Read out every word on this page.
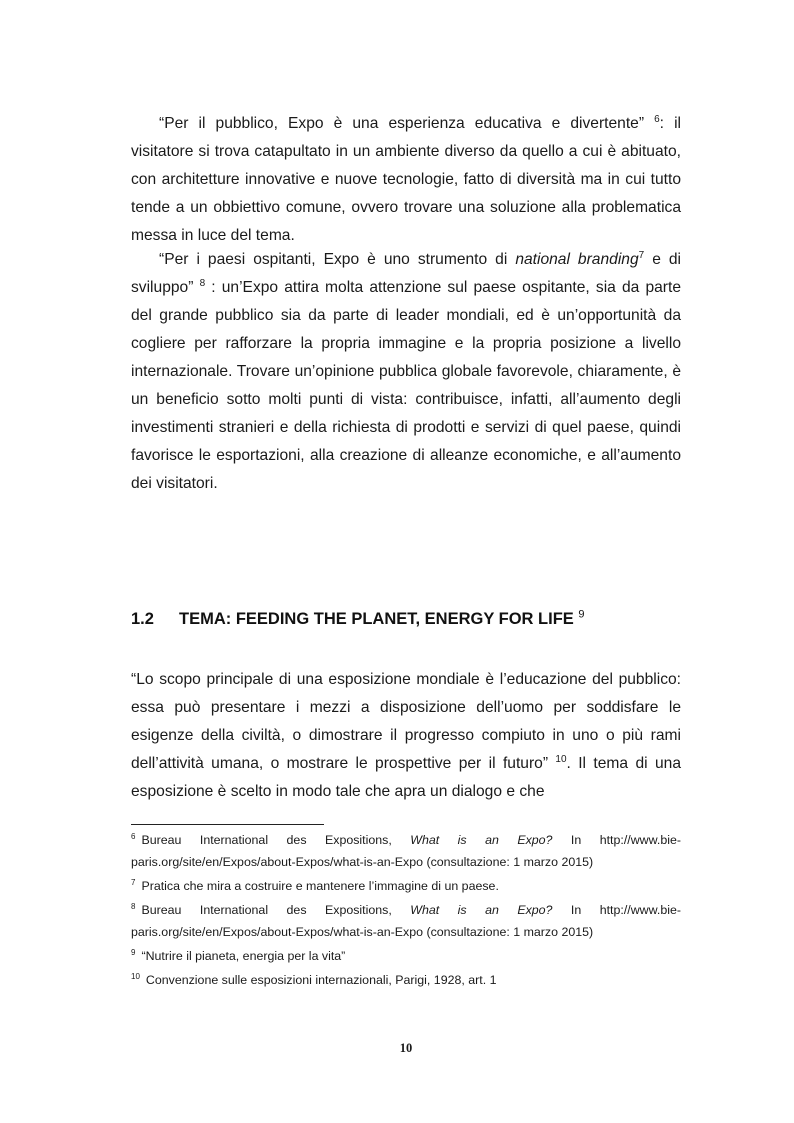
“Per il pubblico, Expo è una esperienza educativa e divertente” $^6$: il visitatore si trova catapultato in un ambiente diverso da quello a cui è abituato, con architetture innovative e nuove tecnologie, fatto di diversità ma in cui tutto tende a un obbiettivo comune, ovvero trovare una soluzione alla problematica messa in luce del tema.

“Per i paesi ospitanti, Expo è uno strumento di national branding$^7$ e di sviluppo” $^8$ : un’Expo attira molta attenzione sul paese ospitante, sia da parte del grande pubblico sia da parte di leader mondiali, ed è un’opportunità da cogliere per rafforzare la propria immagine e la propria posizione a livello internazionale. Trovare un’opinione pubblica globale favorevole, chiaramente, è un beneficio sotto molti punti di vista: contribuisce, infatti, all’aumento degli investimenti stranieri e della richiesta di prodotti e servizi di quel paese, quindi favorisce le esportazioni, alla creazione di alleanze economiche, e all’aumento dei visitatori.

1.2 TEMA: FEEDING THE PLANET, ENERGY FOR LIFE $^9$

“Lo scopo principale di una esposizione mondiale è l’educazione del pubblico: essa può presentare i mezzi a disposizione dell’uomo per soddisfare le esigenze della civiltà, o dimostrare il progresso compiuto in uno o più rami dell’attività umana, o mostrare le prospettive per il futuro” $^{10}$. Il tema di una esposizione è scelto in modo tale che apra un dialogo e che

$^6$ Bureau International des Expositions, What is an Expo? In http://www.bie-paris.org/site/en/Expos/about-Expos/what-is-an-Expo (consultazione: 1 marzo 2015)

$^7$ Pratica che mira a costruire e mantenere l’immagine di un paese.

$^8$ Bureau International des Expositions, What is an Expo? In http://www.bie-paris.org/site/en/Expos/about-Expos/what-is-an-Expo (consultazione: 1 marzo 2015)

$^9$ “Nutrire il pianeta, energia per la vita”

$^{10}$ Convenzione sulle esposizioni internazionali, Parigi, 1928, art. 1

10
